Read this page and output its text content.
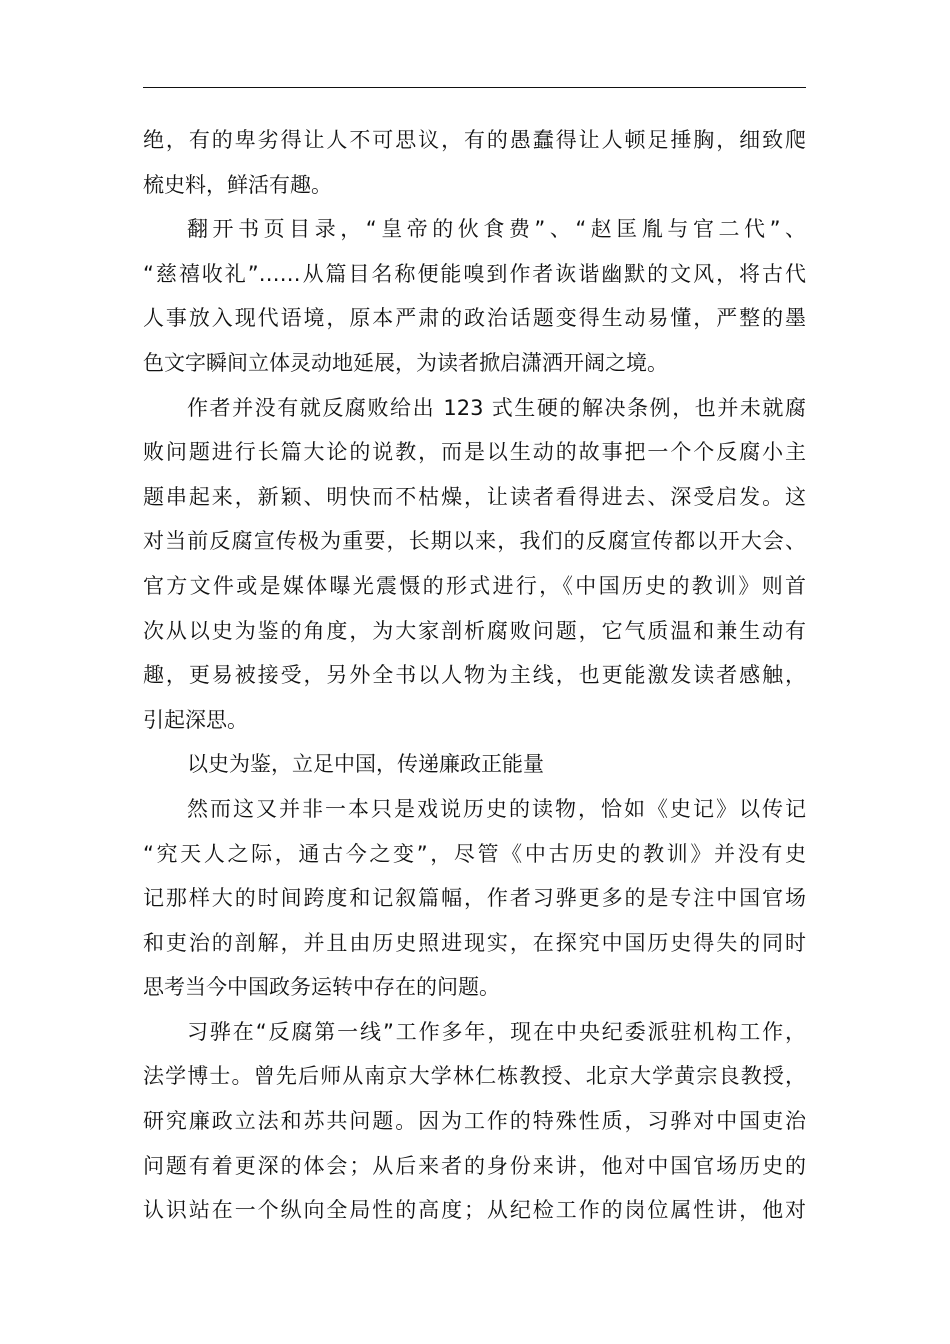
绝，有的卑劣得让人不可思议，有的愚蠢得让人顿足捶胸，细致爬
梳史料，鲜活有趣。
翻开书页目录，“皇帝的伙食费”、“赵匡胤与官二代”、
“慈禧收礼”……从篇目名称便能嗅到作者诙谐幽默的文风，将古代
人事放入现代语境，原本严肃的政治话题变得生动易懂，严整的墨
色文字瞬间立体灵动地延展，为读者掀启潇洒开阔之境。
作者并没有就反腐败给出 123 式生硬的解决条例，也并未就腐
败问题进行长篇大论的说教，而是以生动的故事把一个个反腐小主
题串起来，新颖、明快而不枯燥，让读者看得进去、深受启发。这
对当前反腐宣传极为重要，长期以来，我们的反腐宣传都以开大会、
官方文件或是媒体曝光震慑的形式进行，《中国历史的教训》则首
次从以史为鉴的角度，为大家剖析腐败问题，它气质温和兼生动有
趣，更易被接受，另外全书以人物为主线，也更能激发读者感触，
引起深思。
以史为鉴，立足中国，传递廉政正能量
然而这又并非一本只是戏说历史的读物，恰如《史记》以传记
“究天人之际，通古今之变”，尽管《中古历史的教训》并没有史
记那样大的时间跨度和记叙篇幅，作者习骅更多的是专注中国官场
和吏治的剖解，并且由历史照进现实，在探究中国历史得失的同时
思考当今中国政务运转中存在的问题。
习骅在“反腐第一线”工作多年，现在中央纪委派驻机构工作，
法学博士。曾先后师从南京大学林仁栋教授、北京大学黄宗良教授，
研究廉政立法和苏共问题。因为工作的特殊性质，习骅对中国吏治
问题有着更深的体会；从后来者的身份来讲，他对中国官场历史的
认识站在一个纵向全局性的高度；从纪检工作的岗位属性讲，他对
